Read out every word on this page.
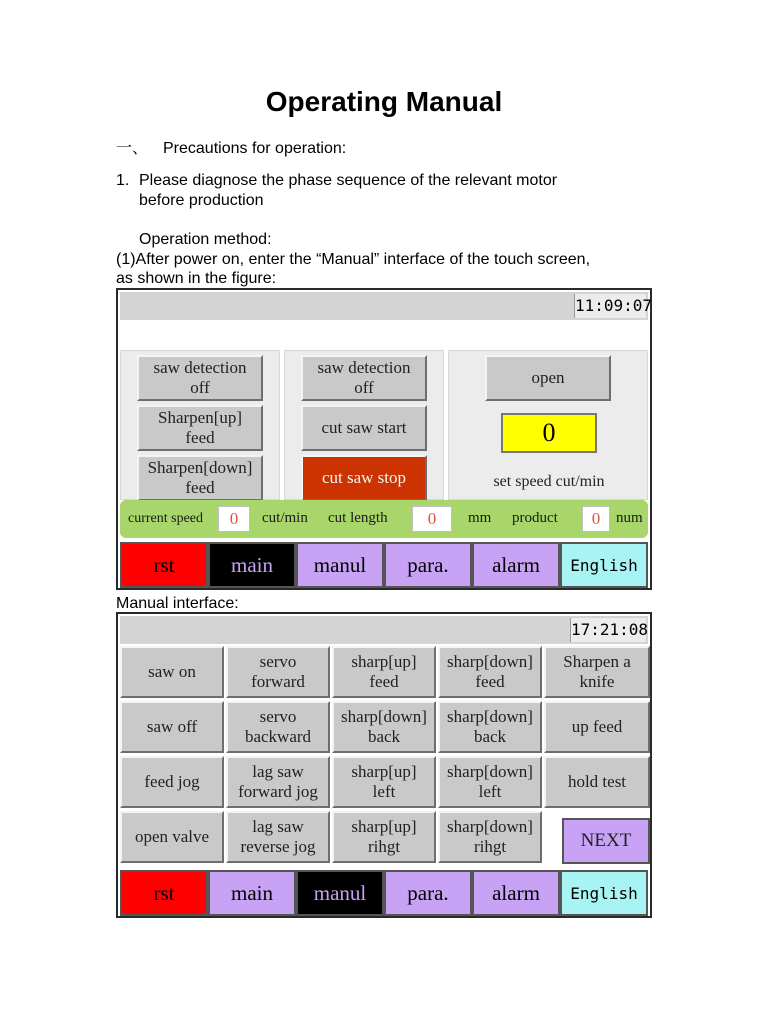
Operating Manual
一、 Precautions for operation:
1. Please diagnose the phase sequence of the relevant motor
before production
Operation method:
(1)After power on, enter the “Manual” interface of the touch screen,
as shown in the figure:
11:09:07
saw detection
off
Sharpen[up]
feed
Sharpen[down]
feed
saw detection
off
cut saw start
cut saw stop
open
0
set speed cut/min
current speed	0	cut/min cut length	0	mm product	0	num
rst	main	manul	para.	alarm	English
Manual interface:
17:21:08
saw on
servo
forward
sharp[up]
feed
sharp[down]
feed
Sharpen a
knife
saw off
servo
backward
sharp[down]
back
sharp[down]
back
up feed
feed jog
lag saw
forward jog
sharp[up]
left
sharp[down]
left
hold test
open valve
lag saw
reverse jog
sharp[up]
rihgt
sharp[down]
rihgt	NEXT
rst	main	manul	para.	alarm	English
